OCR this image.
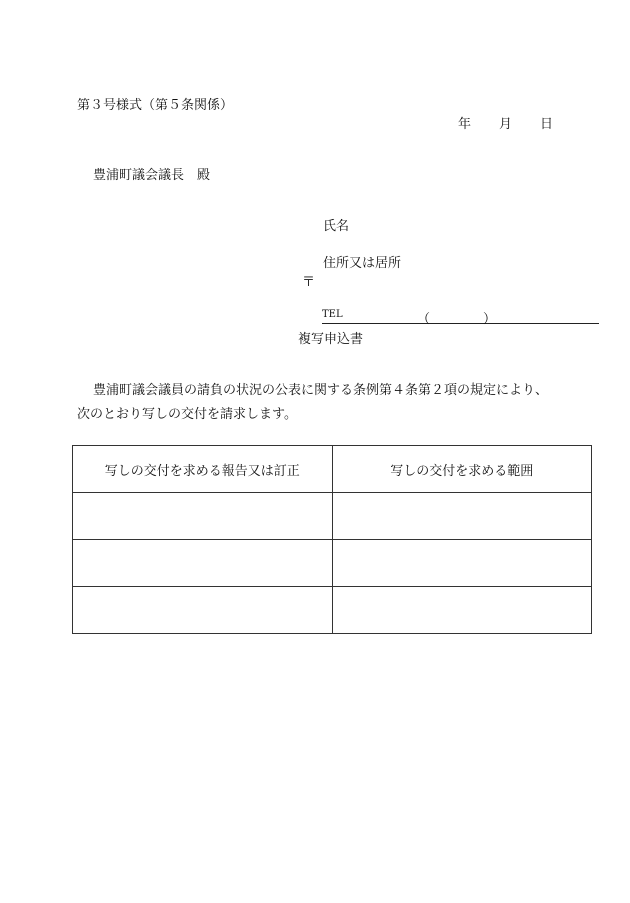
第３号様式（第５条関係）
年 月 日
豊浦町議会議長　殿
氏名
住所又は居所
〒
TEL	（	）
複写申込書
豊浦町議会議員の請負の状況の公表に関する条例第４条第２項の規定により、
次のとおり写しの交付を請求します。
写しの交付を求める報告又は訂正	写しの交付を求める範囲
